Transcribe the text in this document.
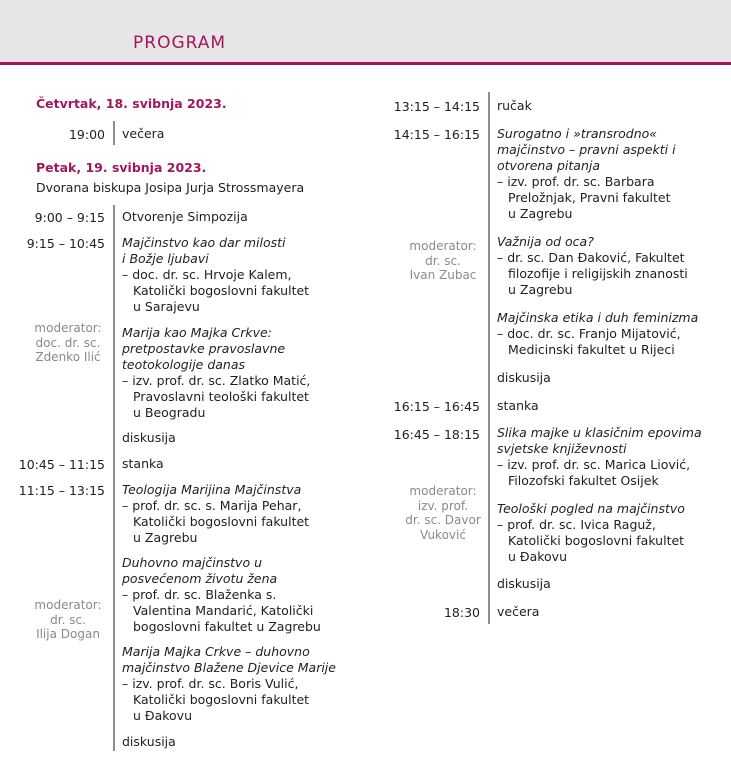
PROGRAM
Četvrtak, 18. svibnja 2023.
19:00 večera
Petak, 19. svibnja 2023.
Dvorana biskupa Josipa Jurja Strossmayera
9:00 – 9:15 Otvorenje Simpozija
9:15 – 10:45 Majčinstvo kao dar milosti
i Božje ljubavi
– doc. dr. sc. Hrvoje Kalem,
Katolički bogoslovni fakultet
u Sarajevu
moderator:
doc. dr. sc.
Zdenko Ilić
Marija kao Majka Crkve:
pretpostavke pravoslavne
teotokologije danas
– izv. prof. dr. sc. Zlatko Matić,
Pravoslavni teološki fakultet
u Beogradu
diskusija
10:45 – 11:15 stanka
11:15 – 13:15 Teologija Marijina Majčinstva
– prof. dr. sc. s. Marija Pehar,
Katolički bogoslovni fakultet
u Zagrebu
Duhovno majčinstvo u
posvećenom životu žena
– prof. dr. sc. Blaženka s.
Valentina Mandarić, Katolički
bogoslovni fakultet u Zagrebu
moderator:
dr. sc.
Ilija Dogan
Marija Majka Crkve – duhovno
majčinstvo Blažene Djevice Marije
– izv. prof. dr. sc. Boris Vulić,
Katolički bogoslovni fakultet
u Đakovu
diskusija
13:15 – 14:15 ručak
14:15 – 16:15 Surogatno i »transrodno«
majčinstvo – pravni aspekti i
otvorena pitanja
– izv. prof. dr. sc. Barbara
Preložnjak, Pravni fakultet
u Zagrebu
moderator:
dr. sc.
Ivan Zubac
Važnija od oca?
– dr. sc. Dan Đaković, Fakultet
filozofije i religijskih znanosti
u Zagrebu
Majčinska etika i duh feminizma
– doc. dr. sc. Franjo Mijatović,
Medicinski fakultet u Rijeci
diskusija
16:15 – 16:45 stanka
16:45 – 18:15 Slika majke u klasičnim epovima
svjetske književnosti
– izv. prof. dr. sc. Marica Liović,
Filozofski fakultet Osijek
moderator:
izv. prof.
dr. sc. Davor
Vuković
Teološki pogled na majčinstvo
– prof. dr. sc. Ivica Raguž,
Katolički bogoslovni fakultet
u Đakovu
diskusija
18:30 večera
